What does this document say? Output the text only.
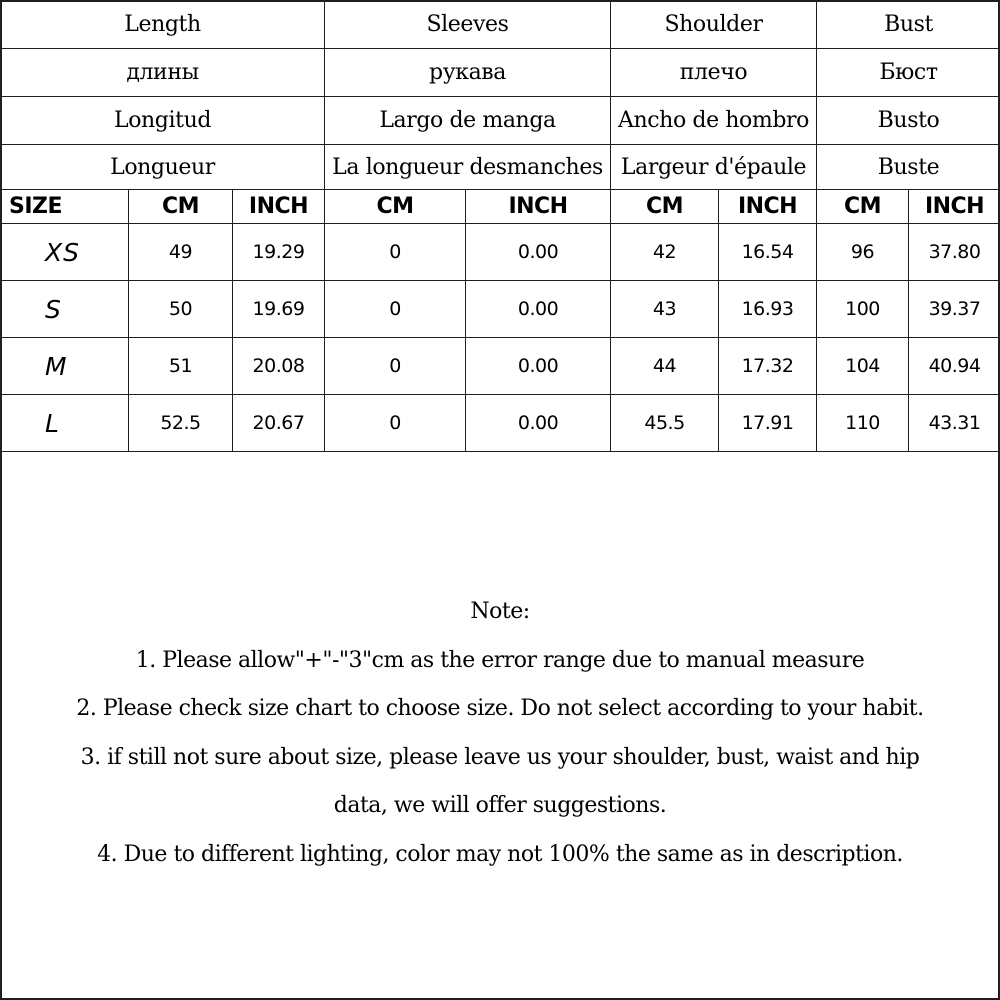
Length			Sleeves		Shoulder		Bust	
длины			рукава		плечо		Бюст	
Longitud			Largo de manga		Ancho de hombro		Busto	
Longueur			La longueur desmanches		Largeur d'épaule		Buste	
SIZE	CM	INCH	CM	INCH	CM	INCH	CM	INCH
XS	49	19.29	0	0.00	42	16.54	96	37.80
S	50	19.69	0	0.00	43	16.93	100	39.37
M	51	20.08	0	0.00	44	17.32	104	40.94
L	52.5	20.67	0	0.00	45.5	17.91	110	43.31
Note:
1. Please allow"+"-"3"cm as the error range due to manual measure
2. Please check size chart to choose size. Do not select according to your habit.
3. if still not sure about size, please leave us your shoulder, bust, waist and hip
data, we will offer suggestions.
4. Due to different lighting, color may not 100% the same as in description.
